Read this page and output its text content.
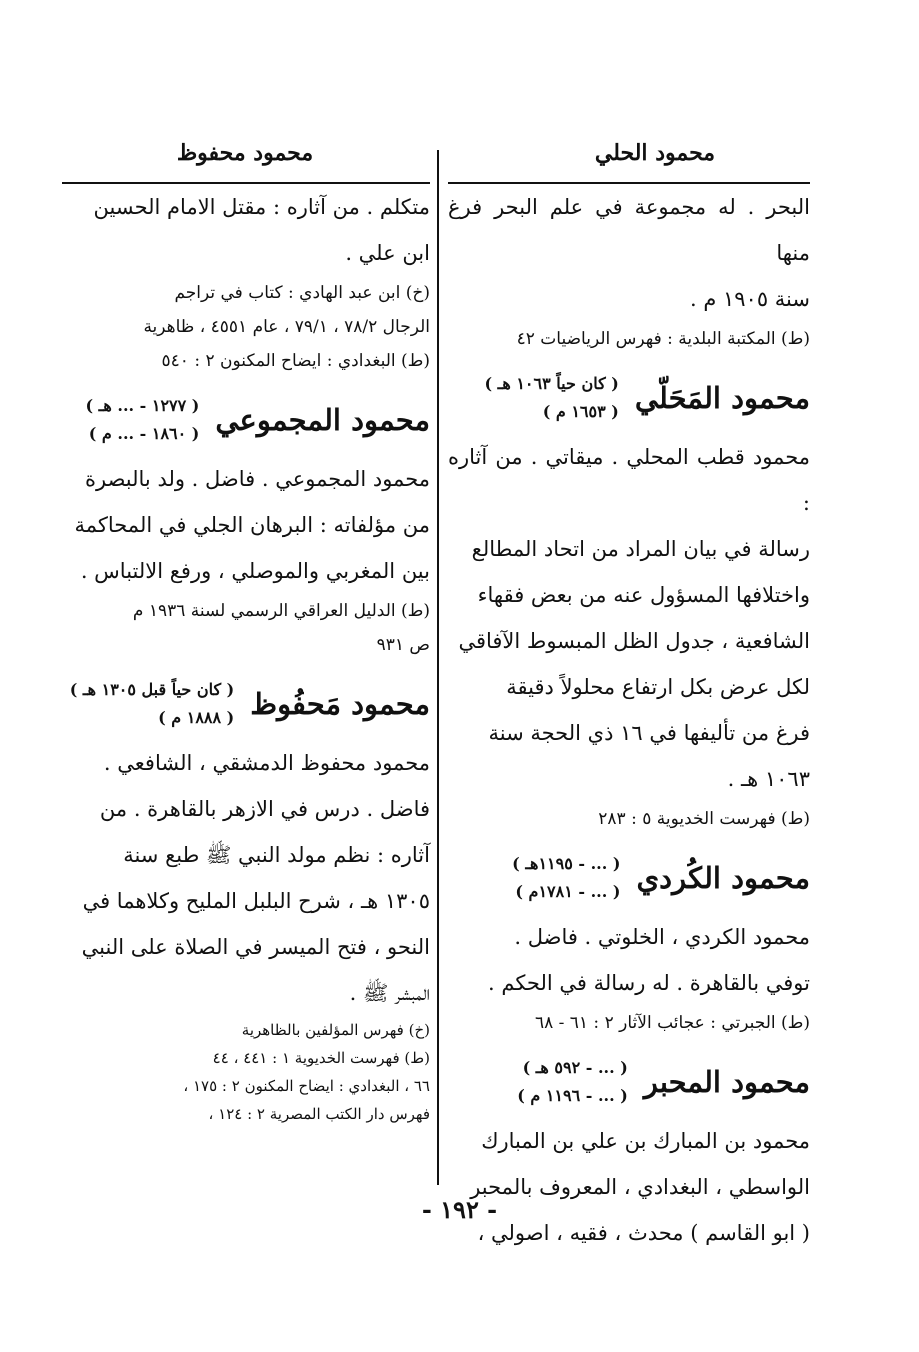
محمود الحلي
محمود محفوظ

البحر . له مجموعة في علم البحر فرغ منها

سنة ١٩٠٥ م .

(ط) المكتبة البلدية : فهرس الرياضيات ٤٢

محمود المَحَلّي
( كان حياً ١٠٦٣ هـ )
( ١٦٥٣ م )

محمود قطب المحلي . ميقاتي . من آثاره :

رسالة في بيان المراد من اتحاد المطالع

واختلافها المسؤول عنه من بعض فقهاء

الشافعية ، جدول الظل المبسوط الآفاقي

لكل عرض بكل ارتفاع محلولاً دقيقة

فرغ من تأليفها في ١٦ ذي الحجة سنة

١٠٦٣ هـ .

(ط) فهرست الخديوية ٥ : ٢٨٣

محمود الكُردي
( ... - ١١٩٥هـ )
( ... - ١٧٨١م )

محمود الكردي ، الخلوتي . فاضل .

توفي بالقاهرة . له رسالة في الحكم .

(ط) الجبرتي : عجائب الآثار ٢ : ٦١ - ٦٨

محمود المحبر
( ... - ٥٩٢ هـ )
( ... - ١١٩٦ م )

محمود بن المبارك بن علي بن المبارك

الواسطي ، البغدادي ، المعروف بالمحبر

( ابو القاسم ) محدث ، فقيه ، اصولي ،

متكلم . من آثاره : مقتل الامام الحسين

ابن علي .

(خ) ابن عبد الهادي : كتاب في تراجم

الرجال ٧٨/٢ ، ٧٩/١ ، عام ٤٥٥١ ، ظاهرية

(ط) البغدادي : ايضاح المكنون ٢ : ٥٤٠

محمود المجموعي
( ١٢٧٧ - ... هـ )
( ١٨٦٠ - ... م )

محمود المجموعي . فاضل . ولد بالبصرة

من مؤلفاته : البرهان الجلي في المحاكمة

بين المغربي والموصلي ، ورفع الالتباس .

(ط) الدليل العراقي الرسمي لسنة ١٩٣٦ م

ص ٩٣١

محمود مَحفُوظ
( كان حياً قبل ١٣٠٥ هـ )
( ١٨٨٨ م )

محمود محفوظ الدمشقي ، الشافعي .

فاضل . درس في الازهر بالقاهرة . من

آثاره : نظم مولد النبي ﷺ طبع سنة

١٣٠٥ هـ ، شرح البلبل المليح وكلاهما في

النحو ، فتح الميسر في الصلاة على النبي

المبشر ﷺ .

(خ) فهرس المؤلفين بالظاهرية

(ط) فهرست الخديوية ١ : ٤٤١ ، ٤٤

٦٦ ، البغدادي : ايضاح المكنون ٢ : ١٧٥ ،

فهرس دار الكتب المصرية ٢ : ١٢٤ ،

- ١٩٢ -
